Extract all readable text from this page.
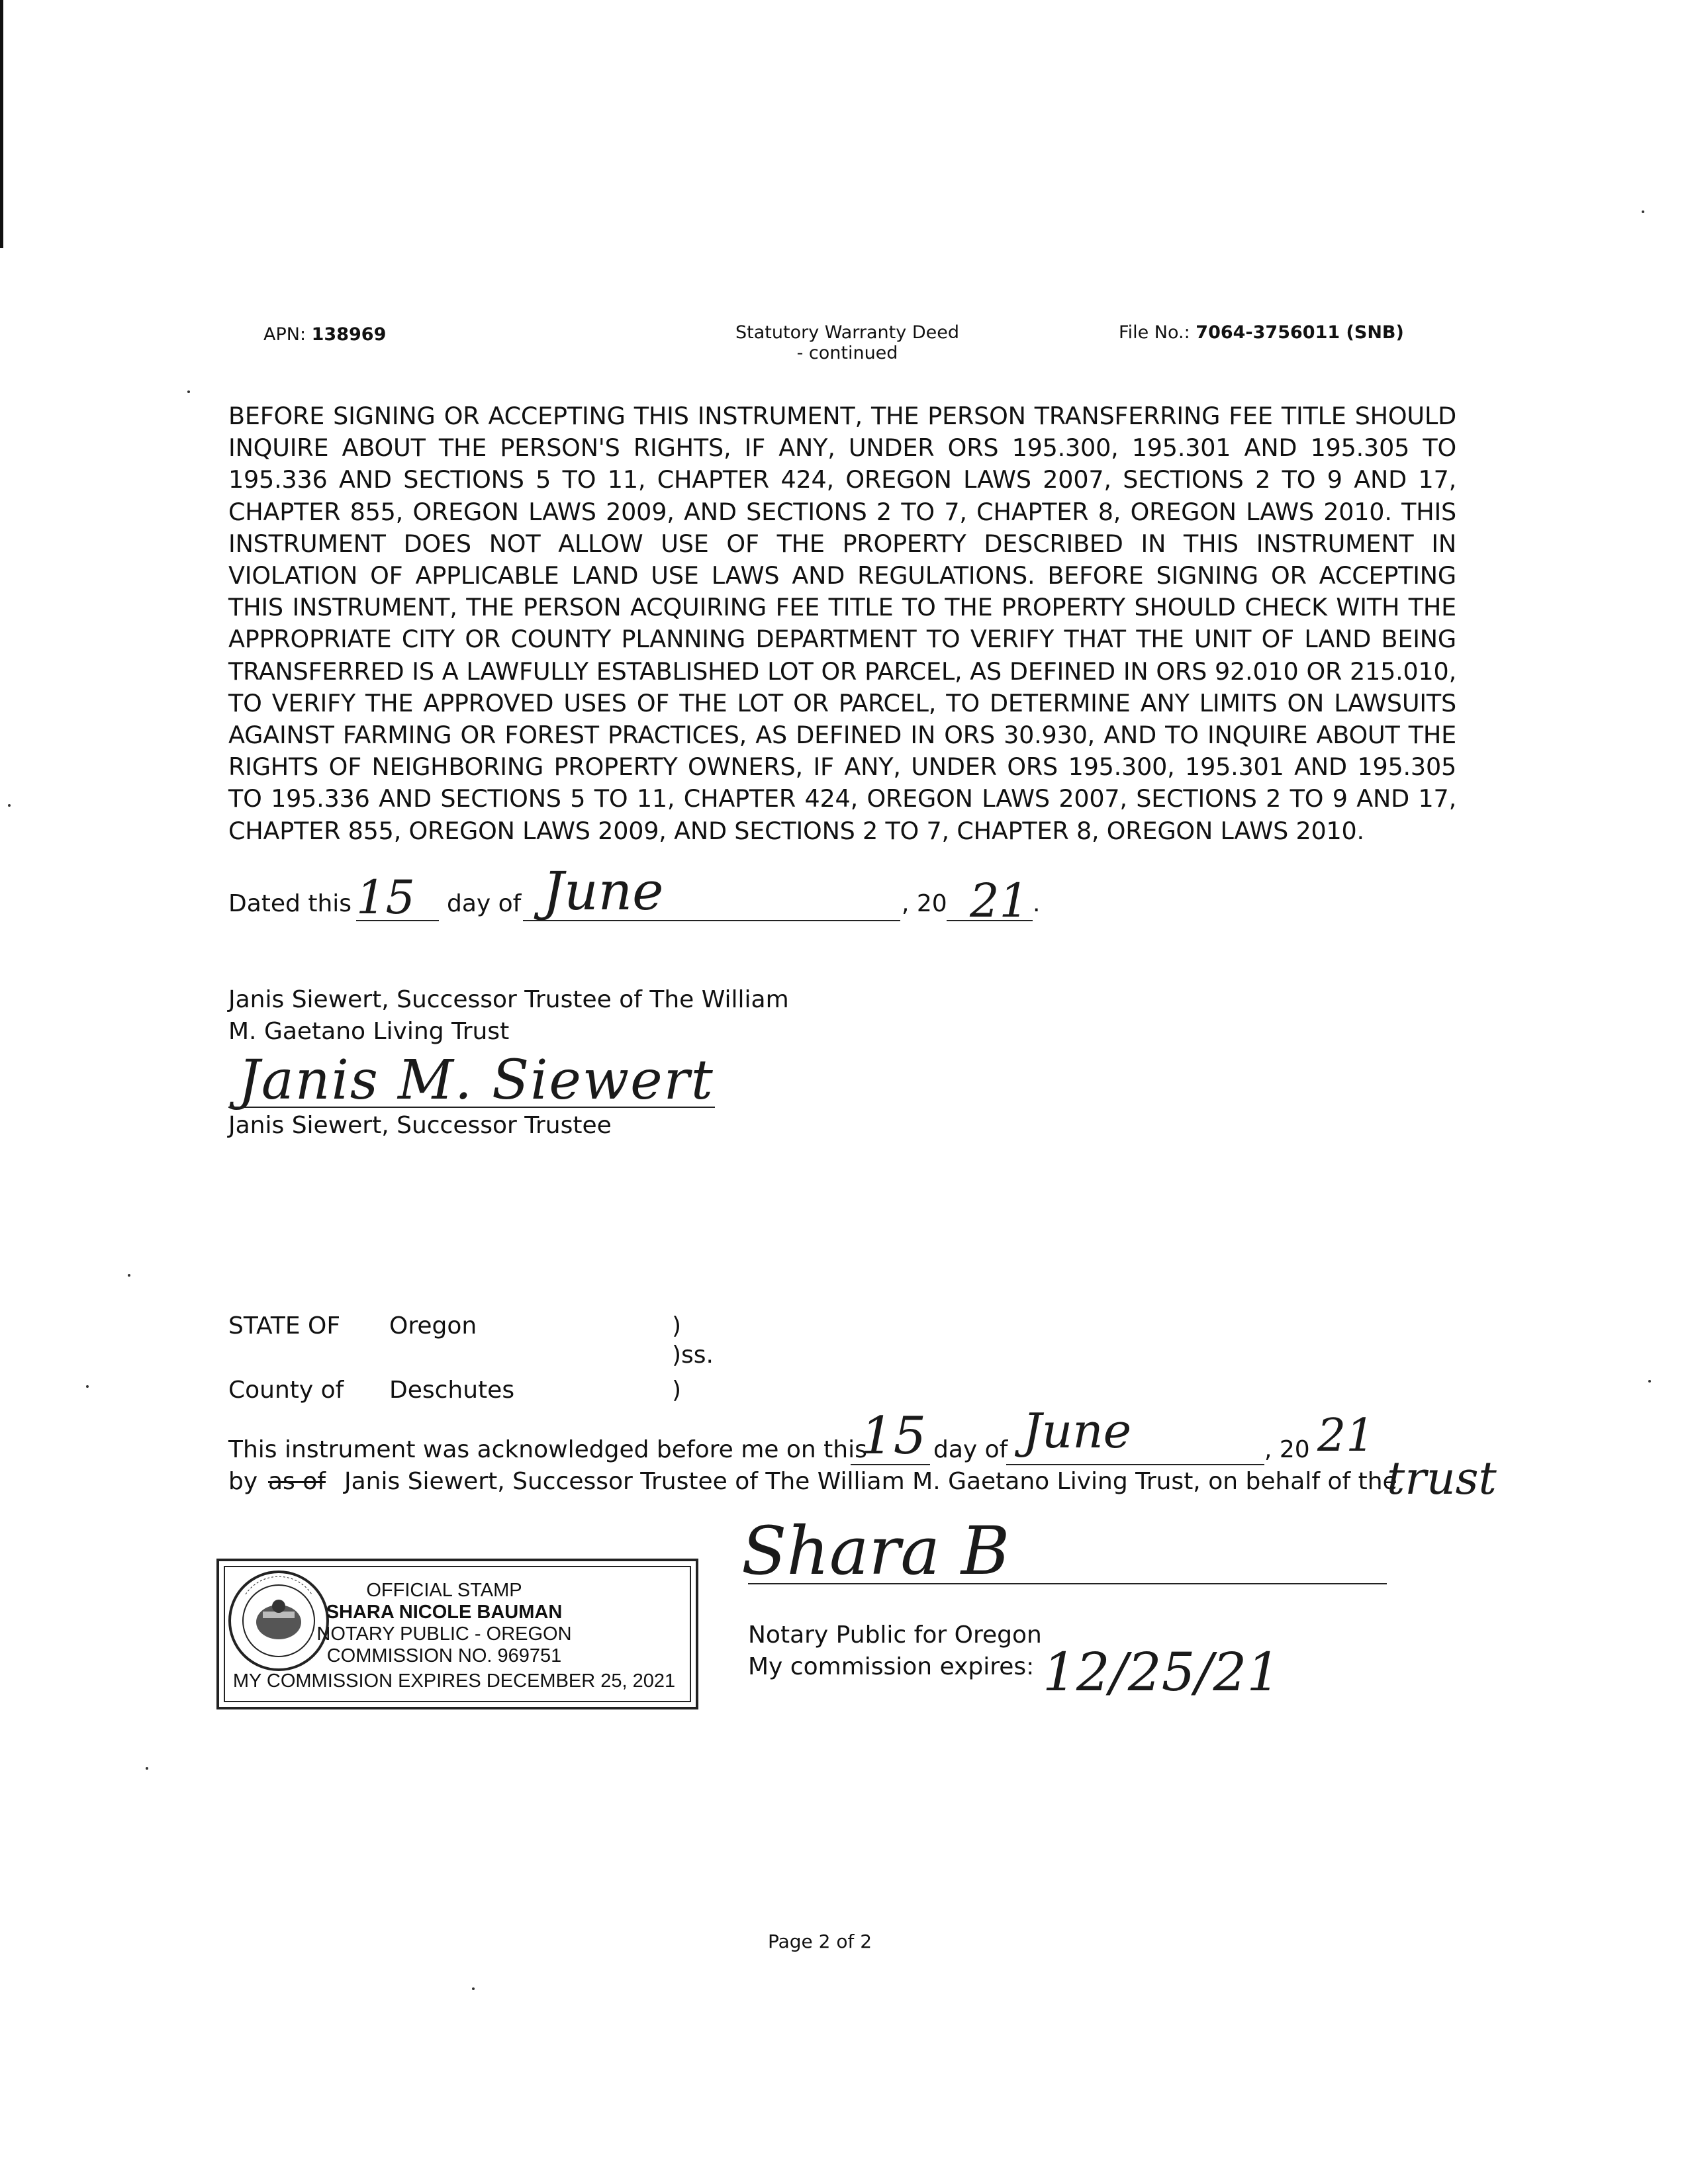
APN: 138969	Statutory Warranty Deed
- continued
File No.: 7064-3756011 (SNB)

BEFORE SIGNING OR ACCEPTING THIS INSTRUMENT, THE PERSON TRANSFERRING FEE TITLE SHOULD INQUIRE ABOUT THE PERSON'S RIGHTS, IF ANY, UNDER ORS 195.300, 195.301 AND 195.305 TO 195.336 AND SECTIONS 5 TO 11, CHAPTER 424, OREGON LAWS 2007, SECTIONS 2 TO 9 AND 17, CHAPTER 855, OREGON LAWS 2009, AND SECTIONS 2 TO 7, CHAPTER 8, OREGON LAWS 2010. THIS INSTRUMENT DOES NOT ALLOW USE OF THE PROPERTY DESCRIBED IN THIS INSTRUMENT IN VIOLATION OF APPLICABLE LAND USE LAWS AND REGULATIONS. BEFORE SIGNING OR ACCEPTING THIS INSTRUMENT, THE PERSON ACQUIRING FEE TITLE TO THE PROPERTY SHOULD CHECK WITH THE APPROPRIATE CITY OR COUNTY PLANNING DEPARTMENT TO VERIFY THAT THE UNIT OF LAND BEING TRANSFERRED IS A LAWFULLY ESTABLISHED LOT OR PARCEL, AS DEFINED IN ORS 92.010 OR 215.010, TO VERIFY THE APPROVED USES OF THE LOT OR PARCEL, TO DETERMINE ANY LIMITS ON LAWSUITS AGAINST FARMING OR FOREST PRACTICES, AS DEFINED IN ORS 30.930, AND TO INQUIRE ABOUT THE RIGHTS OF NEIGHBORING PROPERTY OWNERS, IF ANY, UNDER ORS 195.300, 195.301 AND 195.305 TO 195.336 AND SECTIONS 5 TO 11, CHAPTER 424, OREGON LAWS 2007, SECTIONS 2 TO 9 AND 17, CHAPTER 855, OREGON LAWS 2009, AND SECTIONS 2 TO 7, CHAPTER 8, OREGON LAWS 2010.

Dated this 15 day of June	, 20 21 .
Janis Siewert, Successor Trustee of The William
M. Gaetano Living Trust
Janis M. Siewert
Janis Siewert, Successor Trustee
STATE OF Oregon	)
)ss.
County of Deschutes	)
This instrument was acknowledged before me on this
15 day of June	, 20 21
by as of Janis Siewert, Successor Trustee of The William M. Gaetano Living Trust, on behalf of the
trust
OFFICIAL STAMP
SHARA NICOLE BAUMAN
NOTARY PUBLIC - OREGON
COMMISSION NO. 969751
MY COMMISSION EXPIRES DECEMBER 25, 2021
Shara B
Notary Public for Oregon
My commission expires: 12/25/21
Page 2 of 2
